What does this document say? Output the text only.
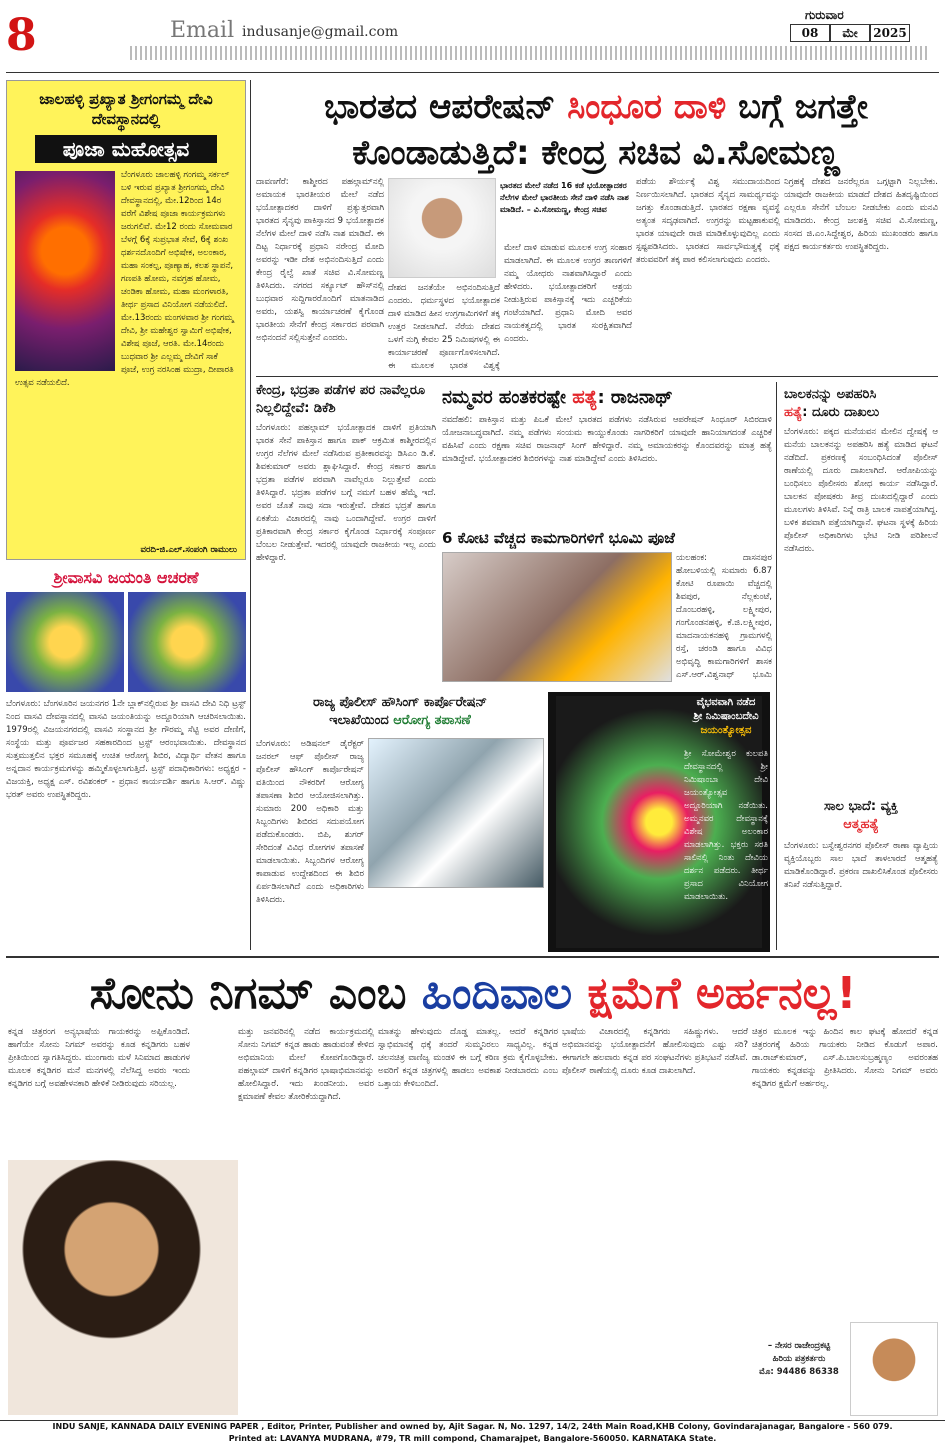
8	Email indusanje@gmail.com
ಗುರುವಾರ
08	ಮೇ	2025
ಜಾಲಹಳ್ಳಿ ಪ್ರಖ್ಯಾತ ಶ್ರೀಗಂಗಮ್ಮ ದೇವಿ ದೇವಸ್ಥಾನದಲ್ಲಿ
ಪೂಜಾ ಮಹೋತ್ಸವ
ಬೆಂಗಳೂರು ಜಾಲಹಳ್ಳಿ ಗಂಗಮ್ಮ ಸರ್ಕಲ್ ಬಳಿ ಇರುವ ಪ್ರಖ್ಯಾತ ಶ್ರೀಗಂಗಮ್ಮ ದೇವಿ ದೇವಸ್ಥಾನದಲ್ಲಿ, ಮೇ.12ರಿಂದ 14ರ ವರೆಗೆ ವಿಶೇಷ ಪೂಜಾ ಕಾರ್ಯಕ್ರಮಗಳು ಜರುಗಲಿವೆ. ಮೇ12 ರಂದು ಸೋಮವಾರ ಬೆಳಗ್ಗೆ 6ಕ್ಕೆ ಸುಪ್ರಭಾತ ಸೇವೆ, 6ಕ್ಕೆ ಶಂಖ ಧರ್ಶನದೊಂದಿಗೆ ಅಭಿಷೇಕ, ಅಲಂಕಾರ, ಮಹಾ ಸಂಕಲ್ಪ, ಪೂಣ್ಯಾಹ, ಕಲಶ ಸ್ಥಾಪನೆ, ಗಣಪತಿ ಹೋಮ, ನವಗ್ರಹ ಹೋಮ, ಚಂಡಿಕಾ ಹೋಮ, ಮಹಾ ಮಂಗಳಾರತಿ, ತೀರ್ಥ ಪ್ರಸಾದ ವಿನಿಯೋಗ ನಡೆಯಲಿದೆ. ಮೇ.13ರಂದು ಮಂಗಳವಾರ ಶ್ರೀ ಗಂಗಮ್ಮ ದೇವಿ, ಶ್ರೀ ಮಹೇಶ್ವರ ಸ್ವಾಮಿಗೆ ಅಭಿಷೇಕ, ವಿಶೇಷ ಪೂಜೆ, ಆರತಿ. ಮೇ.14ರಂದು ಬುಧವಾರ ಶ್ರೀ ಎಲ್ಲಮ್ಮ ದೇವಿಗೆ ಸಾಕೆ ಪೂಜೆ, ಉಗ್ರ ನರಸಿಂಹ ಮುದ್ರಾ, ದೀಪಾರತಿ ಉತ್ಸವ ನಡೆಯಲಿದೆ.
ವರದಿ-ಜಿ.ಎಲ್.ಸಂಪಂಗಿ ರಾಮುಲು
ಶ್ರೀವಾಸವಿ ಜಯಂತಿ ಆಚರಣೆ
ಬೆಂಗಳೂರು: ಬೆಂಗಳೂರಿನ ಜಯನಗರ 1ನೇ ಬ್ಲಾಕ್‌ನಲ್ಲಿರುವ ಶ್ರೀ ವಾಸವಿ ದೇವಿ ನಿಧಿ ಟ್ರಸ್ಟ್ ನಿಂದ ವಾಸವಿ ದೇವಸ್ಥಾನದಲ್ಲಿ ವಾಸವಿ ಜಯಂತಿಯನ್ನು ಅದ್ದೂರಿಯಾಗಿ ಆಚರಿಸಲಾಯಿತು. 1979ರಲ್ಲಿ ವಿಜಯನಗರದಲ್ಲಿ ವಾಸವಿ ಸಂಸ್ಥಾನದ ಶ್ರೀ ಗೌರಮ್ಮ ಸೆಟ್ಟಿ ಅವರ ದೇಣಿಗೆ, ಸಂಸ್ಥೆಯ ಮತ್ತು ಪೂರ್ವಜರ ಸಹಕಾರದಿಂದ ಟ್ರಸ್ಟ್ ಆರಂಭವಾಯಿತು. ದೇವಸ್ಥಾನದ ಸುತ್ತಮುತ್ತಲಿನ ಭಕ್ತರ ಸಮೂಹಕ್ಕೆ ಉಚಿತ ಆರೋಗ್ಯ ಶಿಬಿರ, ವಿದ್ಯಾರ್ಥಿ ವೇತನ ಹಾಗೂ ಅನ್ನದಾನ ಕಾರ್ಯಕ್ರಮಗಳನ್ನು ಹಮ್ಮಿಕೊಳ್ಳಲಾಗುತ್ತಿದೆ. ಟ್ರಸ್ಟ್ ಪದಾಧಿಕಾರಿಗಳು: ಅಧ್ಯಕ್ಷರ - ವಿಜಯಕ್ತಿ, ಅಧ್ಯಕ್ಷ ಎಸ್. ರವಿಶಂಕರ್ - ಪ್ರಧಾನ ಕಾರ್ಯದರ್ಶಿ ಹಾಗೂ ಸಿ.ಆರ್. ವಿಷ್ಣು ಭರತ್ ಅವರು ಉಪಸ್ಥಿತರಿದ್ದರು.
ಭಾರತದ ಆಪರೇಷನ್ ಸಿಂಧೂರ ದಾಳಿ ಬಗ್ಗೆ ಜಗತ್ತೇ ಕೊಂಡಾಡುತ್ತಿದೆ: ಕೇಂದ್ರ ಸಚಿವ ವಿ.ಸೋಮಣ್ಣ
ದಾವಣಗೆರೆ: ಕಾಶ್ಮೀರದ ಪಹಲ್ಗಾಮ್‌ನಲ್ಲಿ ಅಮಾಯಕ ಭಾರತೀಯರ ಮೇಲೆ ನಡೆದ ಭಯೋತ್ಪಾದಕರ ದಾಳಿಗೆ ಪ್ರತ್ಯುತ್ತರವಾಗಿ ಭಾರತದ ಸೈನ್ಯವು ಪಾಕಿಸ್ತಾನದ 9 ಭಯೋತ್ಪಾದಕ ನೆಲೆಗಳ ಮೇಲೆ ದಾಳಿ ನಡೆಸಿ ನಾಶ ಮಾಡಿದೆ. ಈ ದಿಟ್ಟ ನಿರ್ಧಾರಕ್ಕೆ ಪ್ರಧಾನಿ ನರೇಂದ್ರ ಮೋದಿ ಅವರನ್ನು ಇಡೀ ದೇಶ ಅಭಿನಂದಿಸುತ್ತಿದೆ ಎಂದು ಕೇಂದ್ರ ರೈಲ್ವೆ ಖಾತೆ ಸಚಿವ ವಿ.ಸೋಮಣ್ಣ ತಿಳಿಸಿದರು. ನಗರದ ಸರ್ಕ್ಯೂಟ್ ಹೌಸ್‌ನಲ್ಲಿ ಬುಧವಾರ ಸುದ್ದಿಗಾರರೊಂದಿಗೆ ಮಾತನಾಡಿದ ಅವರು, ಯಶಸ್ವಿ ಕಾರ್ಯಾಚರಣೆ ಕೈಗೊಂಡ ಭಾರತೀಯ ಸೇನೆಗೆ ಕೇಂದ್ರ ಸರ್ಕಾರದ ಪರವಾಗಿ ಅಭಿನಂದನೆ ಸಲ್ಲಿಸುತ್ತೇನೆ ಎಂದರು.
ಭಾರತದ ಮೇಲೆ ನಡೆದ 16 ಕಡೆ ಭಯೋತ್ಪಾದಕರ ನೆಲೆಗಳ ಮೇಲೆ ಭಾರತೀಯ ಸೇನೆ ದಾಳಿ ನಡೆಸಿ ನಾಶ ಮಾಡಿದೆ. – ವಿ.ಸೋಮಣ್ಣ, ಕೇಂದ್ರ ಸಚಿವ
ದೇಶದ ಜನತೆಯೇ ಅಭಿನಂದಿಸುತ್ತಿದೆ ಎಂದರು. ಧರ್ಮಸ್ಥಳದ ಭಯೋತ್ಪಾದಕ ದಾಳಿ ಮಾಡಿದ ಹೀನ ಉಗ್ರಗಾಮಿಗಳಿಗೆ ತಕ್ಕ ಉತ್ತರ ನೀಡಲಾಗಿದೆ. ನೆರೆಯ ದೇಶದ ಒಳಗೆ ನುಗ್ಗಿ ಕೇವಲ 25 ನಿಮಿಷಗಳಲ್ಲಿ ಈ ಕಾರ್ಯಾಚರಣೆ ಪೂರ್ಣಗೊಳಿಸಲಾಗಿದೆ. ಈ ಮೂಲಕ ಭಾರತ ವಿಶ್ವಕ್ಕೆ
ಮೇಲೆ ದಾಳಿ ಮಾಡುವ ಮೂಲಕ ಉಗ್ರ ಸಂಹಾರ ಮಾಡಲಾಗಿದೆ. ಈ ಮೂಲಕ ಉಗ್ರರ ತಾಣಗಳಿಗೆ ನಮ್ಮ ಯೋಧರು ನಾಶವಾಗಿಸಿದ್ದಾರೆ ಎಂದು ಹೇಳಿದರು. ಭಯೋತ್ಪಾದಕರಿಗೆ ಆಶ್ರಯ ನೀಡುತ್ತಿರುವ ಪಾಕಿಸ್ತಾನಕ್ಕೆ ಇದು ಎಚ್ಚರಿಕೆಯ ಗಂಟೆಯಾಗಿದೆ. ಪ್ರಧಾನಿ ಮೋದಿ ಅವರ ನಾಯಕತ್ವದಲ್ಲಿ ಭಾರತ ಸುರಕ್ಷಿತವಾಗಿದೆ ಎಂದರು.
ಪಡೆಯ ಶೌರ್ಯಕ್ಕೆ ವಿಶ್ವ ಸಮುದಾಯದಿಂದ ನಿರ್ಣಯಿಸಲಾಗಿದೆ. ಭಾರತದ ಸೈನ್ಯದ ಸಾಮರ್ಥ್ಯವನ್ನು ಜಗತ್ತು ಕೊಂಡಾಡುತ್ತಿದೆ. ಭಾರತದ ರಕ್ಷಣಾ ವ್ಯವಸ್ಥೆ ಅತ್ಯಂತ ಸದೃಢವಾಗಿದೆ. ಉಗ್ರರನ್ನು ಮಟ್ಟಹಾಕುವಲ್ಲಿ ಭಾರತ ಯಾವುದೇ ರಾಜಿ ಮಾಡಿಕೊಳ್ಳುವುದಿಲ್ಲ ಎಂದು ಸ್ಪಷ್ಟಪಡಿಸಿದರು. ಭಾರತದ ಸಾರ್ವಭೌಮತ್ವಕ್ಕೆ ಧಕ್ಕೆ ತರುವವರಿಗೆ ತಕ್ಕ ಪಾಠ ಕಲಿಸಲಾಗುವುದು ಎಂದರು.
ನಿಗ್ರಹಕ್ಕೆ ದೇಶದ ಜನರೆಲ್ಲರೂ ಒಗ್ಗಟ್ಟಾಗಿ ನಿಲ್ಲಬೇಕು. ಯಾವುದೇ ರಾಜಕೀಯ ಮಾಡದೆ ದೇಶದ ಹಿತದೃಷ್ಟಿಯಿಂದ ಎಲ್ಲರೂ ಸೇನೆಗೆ ಬೆಂಬಲ ನೀಡಬೇಕು ಎಂದು ಮನವಿ ಮಾಡಿದರು. ಕೇಂದ್ರ ಜಲಶಕ್ತಿ ಸಚಿವ ವಿ.ಸೋಮಣ್ಣ, ಸಂಸದ ಜಿ.ಎಂ.ಸಿದ್ದೇಶ್ವರ, ಹಿರಿಯ ಮುಖಂಡರು ಹಾಗೂ ಪಕ್ಷದ ಕಾರ್ಯಕರ್ತರು ಉಪಸ್ಥಿತರಿದ್ದರು.
ಕೇಂದ್ರ, ಭದ್ರತಾ ಪಡೆಗಳ ಪರ ನಾವೆಲ್ಲರೂ ನಿಲ್ಲಲಿದ್ದೇವೆ: ಡಿಕೆಶಿ
ಬೆಂಗಳೂರು: ಪಹಲ್ಗಾಮ್ ಭಯೋತ್ಪಾದಕ ದಾಳಿಗೆ ಪ್ರತಿಯಾಗಿ ಭಾರತ ಸೇನೆ ಪಾಕಿಸ್ತಾನ ಹಾಗೂ ಪಾಕ್ ಆಕ್ರಮಿತ ಕಾಶ್ಮೀರದಲ್ಲಿನ ಉಗ್ರರ ನೆಲೆಗಳ ಮೇಲೆ ನಡೆಸಿರುವ ಪ್ರತೀಕಾರವನ್ನು ಡಿಸಿಎಂ ಡಿ.ಕೆ. ಶಿವಕುಮಾರ್ ಅವರು ಶ್ಲಾಘಿಸಿದ್ದಾರೆ. ಕೇಂದ್ರ ಸರ್ಕಾರ ಹಾಗೂ ಭದ್ರತಾ ಪಡೆಗಳ ಪರವಾಗಿ ನಾವೆಲ್ಲರೂ ನಿಲ್ಲುತ್ತೇವೆ ಎಂದು ತಿಳಿಸಿದ್ದಾರೆ. ಭದ್ರತಾ ಪಡೆಗಳ ಬಗ್ಗೆ ನಮಗೆ ಬಹಳ ಹೆಮ್ಮೆ ಇದೆ. ಅವರ ಜೊತೆ ನಾವು ಸದಾ ಇರುತ್ತೇವೆ. ದೇಶದ ಭದ್ರತೆ ಹಾಗೂ ಏಕತೆಯ ವಿಚಾರದಲ್ಲಿ ನಾವು ಒಂದಾಗಿದ್ದೇವೆ. ಉಗ್ರರ ದಾಳಿಗೆ ಪ್ರತಿಕಾರವಾಗಿ ಕೇಂದ್ರ ಸರ್ಕಾರ ಕೈಗೊಂಡ ನಿರ್ಧಾರಕ್ಕೆ ಸಂಪೂರ್ಣ ಬೆಂಬಲ ನೀಡುತ್ತೇವೆ. ಇದರಲ್ಲಿ ಯಾವುದೇ ರಾಜಕೀಯ ಇಲ್ಲ ಎಂದು ಹೇಳಿದ್ದಾರೆ.
ನಮ್ಮವರ ಹಂತಕರಷ್ಟೇ ಹತ್ಯೆ: ರಾಜನಾಥ್
ನವದೆಹಲಿ: ಪಾಕಿಸ್ತಾನ ಮತ್ತು ಪಿಒಕೆ ಮೇಲೆ ಭಾರತದ ಪಡೆಗಳು ನಡೆಸಿರುವ ಆಪರೇಷನ್ ಸಿಂಧೂರ್ ಸಿಬಿರದಾಳಿ ಯೋಜನಾಬದ್ಧವಾಗಿದೆ. ನಮ್ಮ ಪಡೆಗಳು ಸಂಯಮ ಕಾಯ್ದುಕೊಂಡು ನಾಗರಿಕರಿಗೆ ಯಾವುದೇ ಹಾನಿಯಾಗದಂತೆ ಎಚ್ಚರಿಕೆ ವಹಿಸಿವೆ ಎಂದು ರಕ್ಷಣಾ ಸಚಿವ ರಾಜನಾಥ್ ಸಿಂಗ್ ಹೇಳಿದ್ದಾರೆ. ನಮ್ಮ ಅಮಾಯಕರನ್ನು ಕೊಂದವರನ್ನು ಮಾತ್ರ ಹತ್ಯೆ ಮಾಡಿದ್ದೇವೆ. ಭಯೋತ್ಪಾದಕರ ಶಿಬಿರಗಳನ್ನು ನಾಶ ಮಾಡಿದ್ದೇವೆ ಎಂದು ತಿಳಿಸಿದರು.
6 ಕೋಟಿ ವೆಚ್ಚದ ಕಾಮಗಾರಿಗಳಿಗೆ ಭೂಮಿ ಪೂಜೆ
ಯಲಹಂಕ: ದಾಸನಪುರ ಹೋಬಳಿಯಲ್ಲಿ ಸುಮಾರು 6.87 ಕೋಟಿ ರೂಪಾಯಿ ವೆಚ್ಚದಲ್ಲಿ ಶಿವಪುರ, ನೆಲ್ಲಕುಂಟೆ, ದೊಂಬರಹಳ್ಳಿ, ಲಕ್ಷ್ಮೀಪುರ, ಗಂಗೊಂಡನಹಳ್ಳಿ, ಕೆ.ಜಿ.ಲಕ್ಷ್ಮೀಪುರ, ಮಾದನಾಯಕನಹಳ್ಳಿ ಗ್ರಾಮಗಳಲ್ಲಿ ರಸ್ತೆ, ಚರಂಡಿ ಹಾಗೂ ವಿವಿಧ ಅಭಿವೃದ್ಧಿ ಕಾಮಗಾರಿಗಳಿಗೆ ಶಾಸಕ ಎಸ್.ಆರ್.ವಿಶ್ವನಾಥ್ ಭೂಮಿ
ರಾಜ್ಯ ಪೊಲೀಸ್ ಹೌಸಿಂಗ್ ಕಾರ್ಪೊರೇಷನ್
ಇಲಾಖೆಯಿಂದ ಆರೋಗ್ಯ ತಪಾಸಣೆ
ಬೆಂಗಳೂರು: ಅಡಿಷನಲ್ ಡೈರೆಕ್ಟರ್ ಜನರಲ್ ಆಫ್ ಪೊಲೀಸ್ ರಾಜ್ಯ ಪೊಲೀಸ್ ಹೌಸಿಂಗ್ ಕಾರ್ಪೊರೇಷನ್ ವತಿಯಿಂದ ನೌಕರರಿಗೆ ಆರೋಗ್ಯ ತಪಾಸಣಾ ಶಿಬಿರ ಆಯೋಜಿಸಲಾಗಿತ್ತು. ಸುಮಾರು 200 ಅಧಿಕಾರಿ ಮತ್ತು ಸಿಬ್ಬಂದಿಗಳು ಶಿಬಿರದ ಸದುಪಯೋಗ ಪಡೆದುಕೊಂಡರು. ಬಿಪಿ, ಶುಗರ್ ಸೇರಿದಂತೆ ವಿವಿಧ ರೋಗಗಳ ತಪಾಸಣೆ ಮಾಡಲಾಯಿತು. ಸಿಬ್ಬಂದಿಗಳ ಆರೋಗ್ಯ ಕಾಪಾಡುವ ಉದ್ದೇಶದಿಂದ ಈ ಶಿಬಿರ ಏರ್ಪಡಿಸಲಾಗಿದೆ ಎಂದು ಅಧಿಕಾರಿಗಳು ತಿಳಿಸಿದರು.
ವೈಭವವಾಗಿ ನಡೆದ
ಶ್ರೀ ನಿಮಿಷಾಂಬದೇವಿ
ಜಯಂತ್ಯೋತ್ಸವ
ಶ್ರೀ ಸೋಮೇಶ್ವರ ಕುಲಪತಿ ದೇವಸ್ಥಾನದಲ್ಲಿ ಶ್ರೀ ನಿಮಿಷಾಂಬಾ ದೇವಿ ಜಯಂತ್ಯೋತ್ಸವ ಅದ್ದೂರಿಯಾಗಿ ನಡೆಯಿತು. ಅಮ್ಮನವರ ದೇವಸ್ಥಾನಕ್ಕೆ ವಿಶೇಷ ಅಲಂಕಾರ ಮಾಡಲಾಗಿತ್ತು. ಭಕ್ತರು ಸರತಿ ಸಾಲಿನಲ್ಲಿ ನಿಂತು ದೇವಿಯ ದರ್ಶನ ಪಡೆದರು. ತೀರ್ಥ ಪ್ರಸಾದ ವಿನಿಯೋಗ ಮಾಡಲಾಯಿತು.
ಬಾಲಕನನ್ನು ಅಪಹರಿಸಿ
ಹತ್ಯೆ: ದೂರು ದಾಖಲು
ಬೆಂಗಳೂರು: ಪಕ್ಕದ ಮನೆಯವನ ಮೇಲಿನ ದ್ವೇಷಕ್ಕೆ ಆ ಮನೆಯ ಬಾಲಕನನ್ನು ಅಪಹರಿಸಿ ಹತ್ಯೆ ಮಾಡಿದ ಘಟನೆ ನಡೆದಿದೆ. ಪ್ರಕರಣಕ್ಕೆ ಸಂಬಂಧಿಸಿದಂತೆ ಪೊಲೀಸ್ ಠಾಣೆಯಲ್ಲಿ ದೂರು ದಾಖಲಾಗಿದೆ. ಆರೋಪಿಯನ್ನು ಬಂಧಿಸಲು ಪೊಲೀಸರು ಶೋಧ ಕಾರ್ಯ ನಡೆಸಿದ್ದಾರೆ. ಬಾಲಕನ ಪೋಷಕರು ತೀವ್ರ ದುಃಖದಲ್ಲಿದ್ದಾರೆ ಎಂದು ಮೂಲಗಳು ತಿಳಿಸಿವೆ. ನಿನ್ನೆ ರಾತ್ರಿ ಬಾಲಕ ನಾಪತ್ತೆಯಾಗಿದ್ದ. ಬಳಿಕ ಶವವಾಗಿ ಪತ್ತೆಯಾಗಿದ್ದಾನೆ. ಘಟನಾ ಸ್ಥಳಕ್ಕೆ ಹಿರಿಯ ಪೊಲೀಸ್ ಅಧಿಕಾರಿಗಳು ಭೇಟಿ ನೀಡಿ ಪರಿಶೀಲನೆ ನಡೆಸಿದರು.
ಸಾಲ ಭಾದೆ: ವ್ಯಕ್ತಿ
ಆತ್ಮಹತ್ಯೆ
ಬೆಂಗಳೂರು: ಬಸ್ವೇಶ್ವರನಗರ ಪೊಲೀಸ್ ಠಾಣಾ ವ್ಯಾಪ್ತಿಯ ವ್ಯಕ್ತಿಯೊಬ್ಬರು ಸಾಲ ಭಾದೆ ತಾಳಲಾರದೆ ಆತ್ಮಹತ್ಯೆ ಮಾಡಿಕೊಂಡಿದ್ದಾರೆ. ಪ್ರಕರಣ ದಾಖಲಿಸಿಕೊಂಡ ಪೊಲೀಸರು ತನಿಖೆ ನಡೆಸುತ್ತಿದ್ದಾರೆ.
ಸೋನು ನಿಗಮ್ ಎಂಬ ಹಿಂದಿವಾಲ ಕ್ಷಮೆಗೆ ಅರ್ಹನಲ್ಲ!
ಕನ್ನಡ ಚಿತ್ರರಂಗ ಅನ್ಯಭಾಷೆಯ ಗಾಯಕರನ್ನು ಅಪ್ಪಿಕೊಂಡಿದೆ. ಹಾಗೆಯೇ ಸೋನು ನಿಗಮ್ ಅವರನ್ನು ಕೂಡ ಕನ್ನಡಿಗರು ಬಹಳ ಪ್ರೀತಿಯಿಂದ ಸ್ವಾಗತಿಸಿದ್ದರು. ಮುಂಗಾರು ಮಳೆ ಸಿನಿಮಾದ ಹಾಡುಗಳ ಮೂಲಕ ಕನ್ನಡಿಗರ ಮನೆ ಮನಗಳಲ್ಲಿ ನೆಲೆಸಿದ್ದ ಅವರು ಇಂದು ಕನ್ನಡಿಗರ ಬಗ್ಗೆ ಅವಹೇಳನಕಾರಿ ಹೇಳಿಕೆ ನೀಡಿರುವುದು ಸರಿಯಲ್ಲ.
ಮತ್ತು ಜನವರಿನಲ್ಲಿ ನಡೆದ ಕಾರ್ಯಕ್ರಮದಲ್ಲಿ ಸೋನು ನಿಗಮ್ ಕನ್ನಡ ಹಾಡು ಹಾಡುವಂತೆ ಕೇಳಿದ ಅಭಿಮಾನಿಯ ಮೇಲೆ ಕೋಪಗೊಂಡಿದ್ದಾರೆ. ಪಹಲ್ಗಾಮ್ ದಾಳಿಗೆ ಕನ್ನಡಿಗರ ಭಾಷಾಭಿಮಾನವನ್ನು ಹೋಲಿಸಿದ್ದಾರೆ. ಇದು ಖಂಡನೀಯ. ಅವರ ಕ್ಷಮಾಪಣೆ ಕೇವಲ ತೋರಿಕೆಯದ್ದಾಗಿದೆ.
ಮಾತನ್ನು ಹೇಳುವುದು ದೊಡ್ಡ ಮಾತಲ್ಲ. ಆದರೆ ಕನ್ನಡಿಗರ ಸ್ವಾಭಿಮಾನಕ್ಕೆ ಧಕ್ಕೆ ತಂದರೆ ಸುಮ್ಮನಿರಲು ಸಾಧ್ಯವಿಲ್ಲ. ಕನ್ನಡ ಚಲನಚಿತ್ರ ವಾಣಿಜ್ಯ ಮಂಡಳಿ ಈ ಬಗ್ಗೆ ಕಠಿಣ ಕ್ರಮ ಕೈಗೊಳ್ಳಬೇಕು. ಅವರಿಗೆ ಕನ್ನಡ ಚಿತ್ರಗಳಲ್ಲಿ ಹಾಡಲು ಅವಕಾಶ ನೀಡಬಾರದು ಎಂಬ ಒತ್ತಾಯ ಕೇಳಿಬಂದಿದೆ.
ಭಾಷೆಯ ವಿಚಾರದಲ್ಲಿ ಕನ್ನಡಿಗರು ಸಹಿಷ್ಣುಗಳು. ಆದರೆ ಅಭಿಮಾನವನ್ನು ಭಯೋತ್ಪಾದನೆಗೆ ಹೋಲಿಸುವುದು ಎಷ್ಟು ಸರಿ? ಈಗಾಗಲೇ ಹಲವಾರು ಕನ್ನಡ ಪರ ಸಂಘಟನೆಗಳು ಪ್ರತಿಭಟನೆ ನಡೆಸಿವೆ. ಪೊಲೀಸ್ ಠಾಣೆಯಲ್ಲಿ ದೂರು ಕೂಡ ದಾಖಲಾಗಿದೆ.
ಚಿತ್ರರ ಮೂಲಕ ಇನ್ನು ಹಿಂದಿನ ಕಾಲ ಘಟಕ್ಕೆ ಹೋದರೆ ಕನ್ನಡ ಚಿತ್ರರಂಗಕ್ಕೆ ಹಿರಿಯ ಗಾಯಕರು ನೀಡಿದ ಕೊಡುಗೆ ಅಪಾರ. ಡಾ.ರಾಜ್‌ಕುಮಾರ್, ಎಸ್.ಪಿ.ಬಾಲಸುಬ್ರಹ್ಮಣ್ಯಂ ಅವರಂತಹ ಗಾಯಕರು ಕನ್ನಡವನ್ನು ಪ್ರೀತಿಸಿದರು. ಸೋನು ನಿಗಮ್ ಅವರು ಕನ್ನಡಿಗರ ಕ್ಷಮೆಗೆ ಅರ್ಹರಲ್ಲ.
– ನೇಸರ ರಾಜೇಂದ್ರಕಟ್ಟಿ
ಹಿರಿಯ ಪತ್ರಕರ್ತರು
ಮೊ: 94486 86338
INDU SANJE, KANNADA DAILY EVENING PAPER , Editor, Printer, Publisher and owned by, Ajit Sagar. N, No. 1297, 14/2, 24th Main Road,KHB Colony, Govindarajanagar, Bangalore - 560 079.
Printed at: LAVANYA MUDRANA, #79, TR mill compond, Chamarajpet, Bangalore-560050. KARNATAKA State.
